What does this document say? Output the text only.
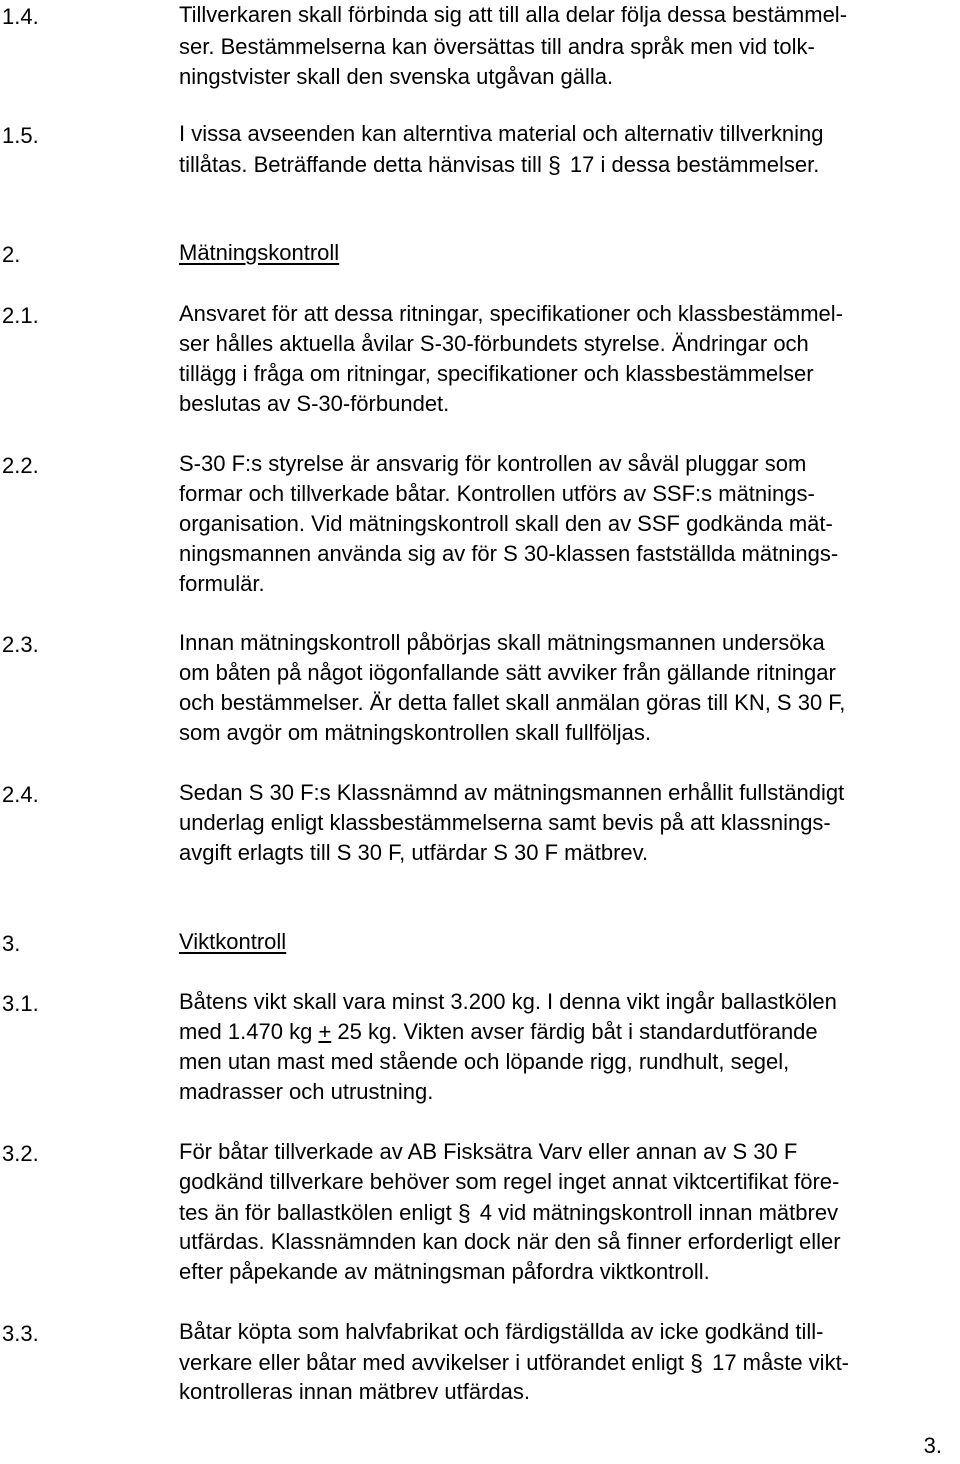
1.4.	Tillverkaren skall förbinda sig att till alla delar följa dessa bestämmel-
ser. Bestämmelserna kan översättas till andra språk men vid tolk-
ningstvister skall den svenska utgåvan gälla.
1.5.	I vissa avseenden kan alterntiva material och alternativ tillverkning
tillåtas. Beträffande detta hänvisas till § 17 i dessa bestämmelser.
2.	Mätningskontroll
2.1.	Ansvaret för att dessa ritningar, specifikationer och klassbestämmel-
ser hålles aktuella åvilar S-30-förbundets styrelse. Ändringar och
tillägg i fråga om ritningar, specifikationer och klassbestämmelser
beslutas av S-30-förbundet.
2.2.	S-30 F:s styrelse är ansvarig för kontrollen av såväl pluggar som
formar och tillverkade båtar. Kontrollen utförs av SSF:s mätnings-
organisation. Vid mätningskontroll skall den av SSF godkända mät-
ningsmannen använda sig av för S 30-klassen fastställda mätnings-
formulär.
2.3.	Innan mätningskontroll påbörjas skall mätningsmannen undersöka
om båten på något iögonfallande sätt avviker från gällande ritningar
och bestämmelser. Är detta fallet skall anmälan göras till KN, S 30 F,
som avgör om mätningskontrollen skall fullföljas.
2.4.	Sedan S 30 F:s Klassnämnd av mätningsmannen erhållit fullständigt
underlag enligt klassbestämmelserna samt bevis på att klassnings-
avgift erlagts till S 30 F, utfärdar S 30 F mätbrev.
3.	Viktkontroll
3.1.	Båtens vikt skall vara minst 3.200 kg. I denna vikt ingår ballastkölen
med 1.470 kg + 25 kg. Vikten avser färdig båt i standardutförande
men utan mast med stående och löpande rigg, rundhult, segel,
madrasser och utrustning.
3.2.	För båtar tillverkade av AB Fisksätra Varv eller annan av S 30 F
godkänd tillverkare behöver som regel inget annat viktcertifikat före-
tes än för ballastkölen enligt § 4 vid mätningskontroll innan mätbrev
utfärdas. Klassnämnden kan dock när den så finner erforderligt eller
efter påpekande av mätningsman påfordra viktkontroll.
3.3.	Båtar köpta som halvfabrikat och färdigställda av icke godkänd till-
verkare eller båtar med avvikelser i utförandet enligt § 17 måste vikt-
kontrolleras innan mätbrev utfärdas.
3.
